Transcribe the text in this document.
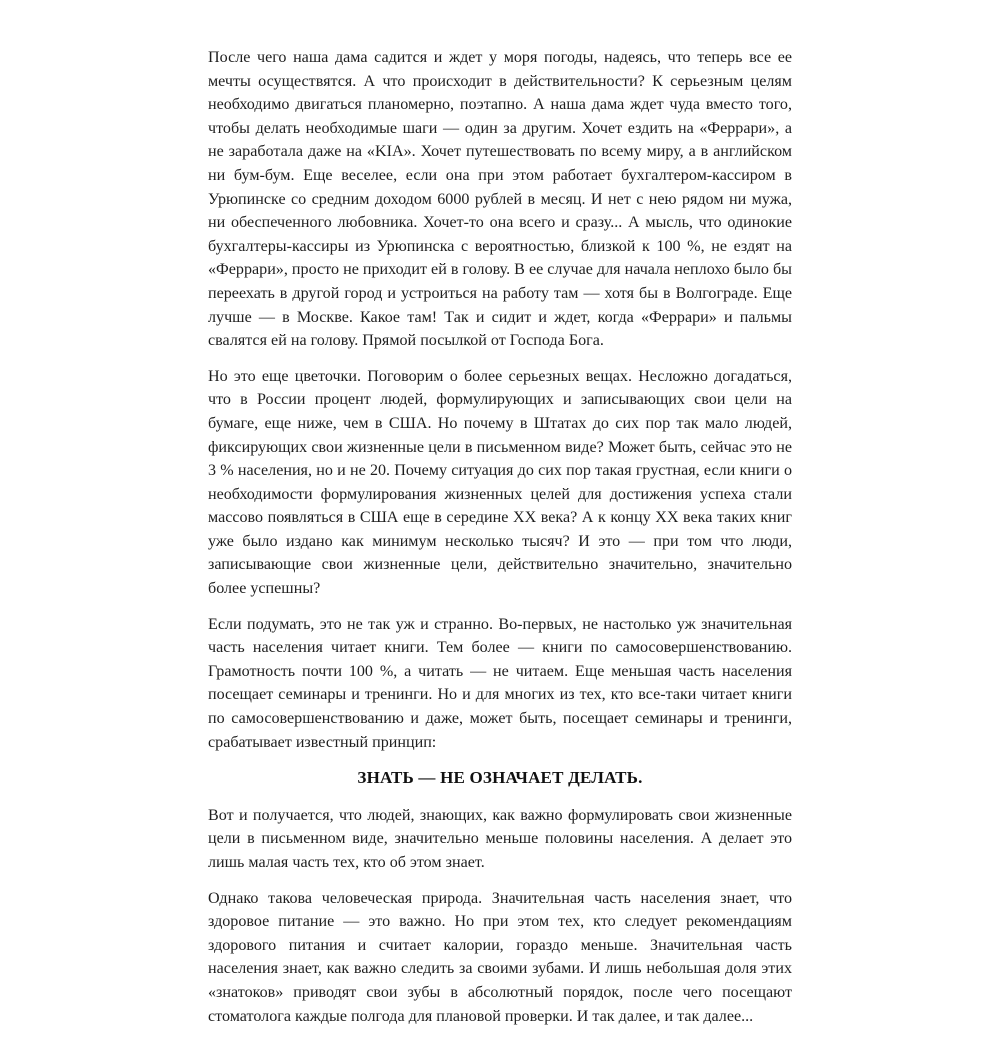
После чего наша дама садится и ждет у моря погоды, надеясь, что теперь все ее мечты осуществятся. А что происходит в действительности? К серьезным целям необходимо двигаться планомерно, поэтапно. А наша дама ждет чуда вместо того, чтобы делать необходимые шаги — один за другим. Хочет ездить на «Феррари», а не заработала даже на «KIA». Хочет путешествовать по всему миру, а в английском ни бум-бум. Еще веселее, если она при этом работает бухгалтером-кассиром в Урюпинске со средним доходом 6000 рублей в месяц. И нет с нею рядом ни мужа, ни обеспеченного любовника. Хочет-то она всего и сразу... А мысль, что одинокие бухгалтеры-кассиры из Урюпинска с вероятностью, близкой к 100 %, не ездят на «Феррари», просто не приходит ей в голову. В ее случае для начала неплохо было бы переехать в другой город и устроиться на работу там — хотя бы в Волгограде. Еще лучше — в Москве. Какое там! Так и сидит и ждет, когда «Феррари» и пальмы свалятся ей на голову. Прямой посылкой от Господа Бога.

Но это еще цветочки. Поговорим о более серьезных вещах. Несложно догадаться, что в России процент людей, формулирующих и записывающих свои цели на бумаге, еще ниже, чем в США. Но почему в Штатах до сих пор так мало людей, фиксирующих свои жизненные цели в письменном виде? Может быть, сейчас это не 3 % населения, но и не 20. Почему ситуация до сих пор такая грустная, если книги о необходимости формулирования жизненных целей для достижения успеха стали массово появляться в США еще в середине XX века? А к концу XX века таких книг уже было издано как минимум несколько тысяч? И это — при том что люди, записывающие свои жизненные цели, действительно значительно, значительно более успешны?

Если подумать, это не так уж и странно. Во-первых, не настолько уж значительная часть населения читает книги. Тем более — книги по самосовершенствованию. Грамотность почти 100 %, а читать — не читаем. Еще меньшая часть населения посещает семинары и тренинги. Но и для многих из тех, кто все-таки читает книги по самосовершенствованию и даже, может быть, посещает семинары и тренинги, срабатывает известный принцип:

ЗНАТЬ — НЕ ОЗНАЧАЕТ ДЕЛАТЬ.

Вот и получается, что людей, знающих, как важно формулировать свои жизненные цели в письменном виде, значительно меньше половины населения. А делает это лишь малая часть тех, кто об этом знает.

Однако такова человеческая природа. Значительная часть населения знает, что здоровое питание — это важно. Но при этом тех, кто следует рекомендациям здорового питания и считает калории, гораздо меньше. Значительная часть населения знает, как важно следить за своими зубами. И лишь небольшая доля этих «знатоков» приводят свои зубы в абсолютный порядок, после чего посещают стоматолога каждые полгода для плановой проверки. И так далее, и так далее...
